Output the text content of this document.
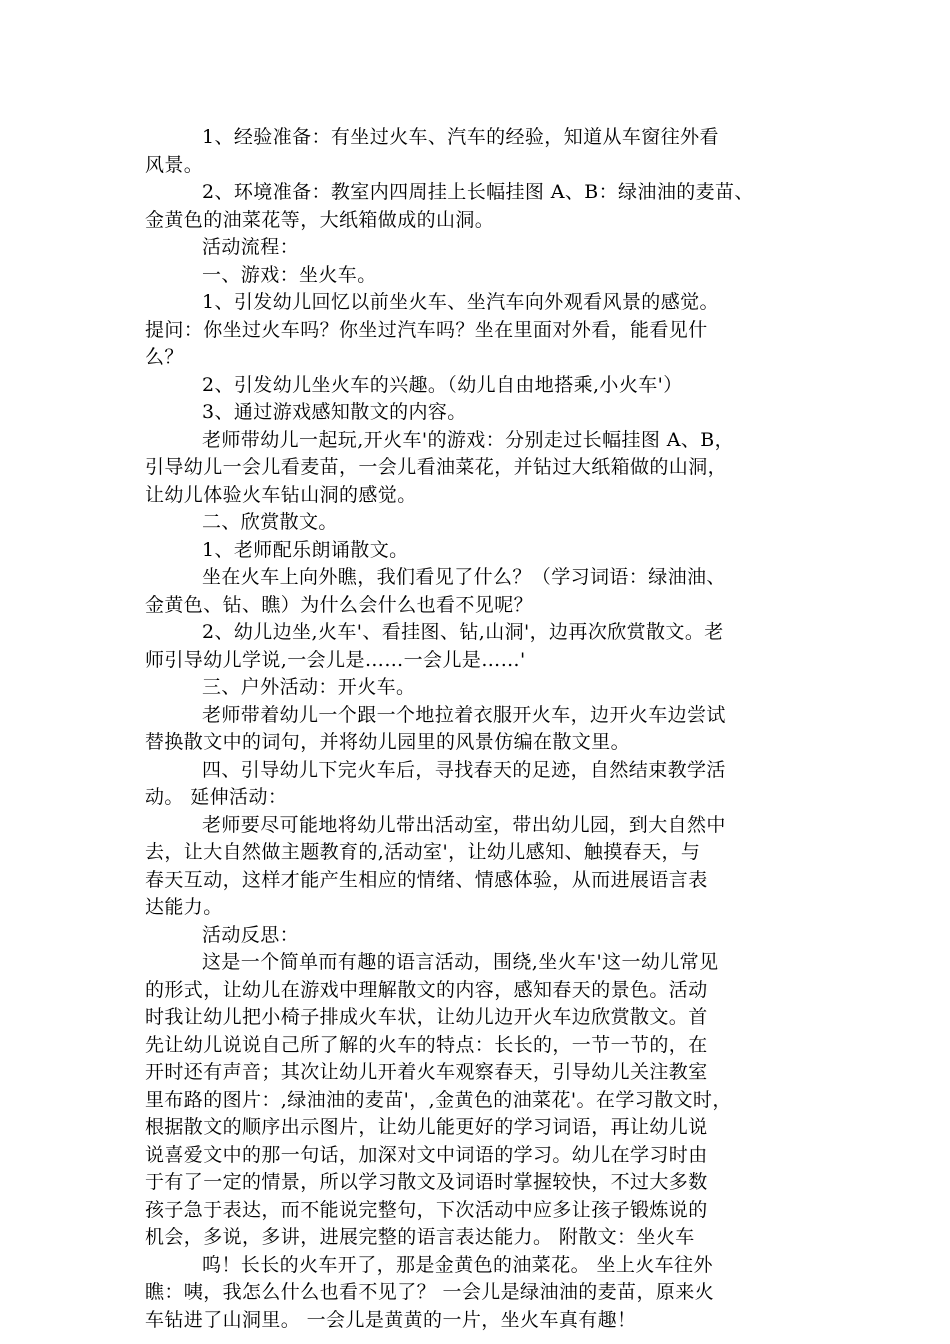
1、经验准备：有坐过火车、汽车的经验，知道从车窗往外看
风景。
2、环境准备：教室内四周挂上长幅挂图 A、B：绿油油的麦苗、
金黄色的油菜花等，大纸箱做成的山洞。
活动流程：
一、游戏：坐火车。
1、引发幼儿回忆以前坐火车、坐汽车向外观看风景的感觉。
提问：你坐过火车吗？你坐过汽车吗？坐在里面对外看，能看见什
么？
2、引发幼儿坐火车的兴趣。（幼儿自由地搭乘,小火车'）
3、通过游戏感知散文的内容。
老师带幼儿一起玩,开火车'的游戏：分别走过长幅挂图 A、B，
引导幼儿一会儿看麦苗，一会儿看油菜花，并钻过大纸箱做的山洞，
让幼儿体验火车钻山洞的感觉。
二、欣赏散文。
1、老师配乐朗诵散文。
坐在火车上向外瞧，我们看见了什么？（学习词语：绿油油、
金黄色、钻、瞧）为什么会什么也看不见呢？
2、幼儿边坐,火车'、看挂图、钻,山洞'，边再次欣赏散文。老
师引导幼儿学说,一会儿是……一会儿是……'
三、户外活动：开火车。
老师带着幼儿一个跟一个地拉着衣服开火车，边开火车边尝试
替换散文中的词句，并将幼儿园里的风景仿编在散文里。
四、引导幼儿下完火车后，寻找春天的足迹，自然结束教学活
动。 延伸活动：
老师要尽可能地将幼儿带出活动室，带出幼儿园，到大自然中
去，让大自然做主题教育的,活动室'，让幼儿感知、触摸春天，与
春天互动，这样才能产生相应的情绪、情感体验，从而进展语言表
达能力。
活动反思：
这是一个简单而有趣的语言活动，围绕,坐火车'这一幼儿常见
的形式，让幼儿在游戏中理解散文的内容，感知春天的景色。活动
时我让幼儿把小椅子排成火车状，让幼儿边开火车边欣赏散文。首
先让幼儿说说自己所了解的火车的特点：长长的，一节一节的，在
开时还有声音；其次让幼儿开着火车观察春天，引导幼儿关注教室
里布路的图片：,绿油油的麦苗'，,金黄色的油菜花'。在学习散文时，
根据散文的顺序出示图片，让幼儿能更好的学习词语，再让幼儿说
说喜爱文中的那一句话，加深对文中词语的学习。幼儿在学习时由
于有了一定的情景，所以学习散文及词语时掌握较快，不过大多数
孩子急于表达，而不能说完整句，下次活动中应多让孩子锻炼说的
机会，多说，多讲，进展完整的语言表达能力。 附散文：坐火车
呜！长长的火车开了，那是金黄色的油菜花。 坐上火车往外
瞧：咦，我怎么什么也看不见了？ 一会儿是绿油油的麦苗，原来火
车钻进了山洞里。 一会儿是黄黄的一片，坐火车真有趣！
